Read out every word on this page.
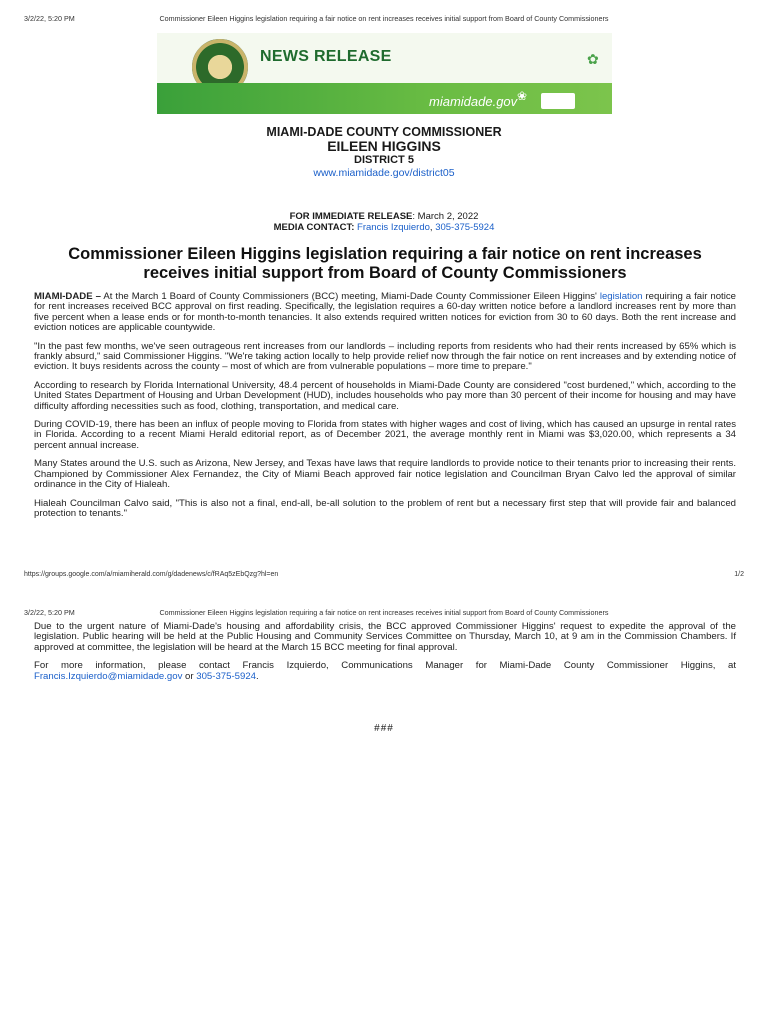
3/2/22, 5:20 PM	Commissioner Eileen Higgins legislation requiring a fair notice on rent increases receives initial support from Board of County Commissioners
NEWS RELEASE	✿
miamidade.gov ❀
MIAMI-DADE COUNTY COMMISSIONER
EILEEN HIGGINS
DISTRICT 5
www.miamidade.gov/district05
FOR IMMEDIATE RELEASE: March 2, 2022
MEDIA CONTACT: Francis Izquierdo, 305-375-5924
Commissioner Eileen Higgins legislation requiring a fair notice on rent increases receives initial support from Board of County Commissioners

MIAMI-DADE – At the March 1 Board of County Commissioners (BCC) meeting, Miami-Dade County Commissioner Eileen Higgins' legislation requiring a fair notice for rent increases received BCC approval on first reading. Specifically, the legislation requires a 60-day written notice before a landlord increases rent by more than five percent when a lease ends or for month-to-month tenancies. It also extends required written notices for eviction from 30 to 60 days. Both the rent increase and eviction notices are applicable countywide.

"In the past few months, we've seen outrageous rent increases from our landlords – including reports from residents who had their rents increased by 65% which is frankly absurd," said Commissioner Higgins. "We're taking action locally to help provide relief now through the fair notice on rent increases and by extending notice of eviction. It buys residents across the county – most of which are from vulnerable populations – more time to prepare."

According to research by Florida International University, 48.4 percent of households in Miami-Dade County are considered "cost burdened," which, according to the United States Department of Housing and Urban Development (HUD), includes households who pay more than 30 percent of their income for housing and may have difficulty affording necessities such as food, clothing, transportation, and medical care.

During COVID-19, there has been an influx of people moving to Florida from states with higher wages and cost of living, which has caused an upsurge in rental rates in Florida. According to a recent Miami Herald editorial report, as of December 2021, the average monthly rent in Miami was $3,020.00, which represents a 34 percent annual increase.

Many States around the U.S. such as Arizona, New Jersey, and Texas have laws that require landlords to provide notice to their tenants prior to increasing their rents. Championed by Commissioner Alex Fernandez, the City of Miami Beach approved fair notice legislation and Councilman Bryan Calvo led the approval of similar ordinance in the City of Hialeah.

Hialeah Councilman Calvo said, "This is also not a final, end-all, be-all solution to the problem of rent but a necessary first step that will provide fair and balanced protection to tenants."

https://groups.google.com/a/miamiherald.com/g/dadenews/c/fRAq5zEbQzg?hl=en	1/2
3/2/22, 5:20 PM	Commissioner Eileen Higgins legislation requiring a fair notice on rent increases receives initial support from Board of County Commissioners

Due to the urgent nature of Miami-Dade's housing and affordability crisis, the BCC approved Commissioner Higgins' request to expedite the approval of the legislation. Public hearing will be held at the Public Housing and Community Services Committee on Thursday, March 10, at 9 am in the Commission Chambers. If approved at committee, the legislation will be heard at the March 15 BCC meeting for final approval.

For more information, please contact Francis Izquierdo, Communications Manager for Miami-Dade County Commissioner Higgins, at Francis.Izquierdo@miamidade.gov or 305-375-5924.

###
